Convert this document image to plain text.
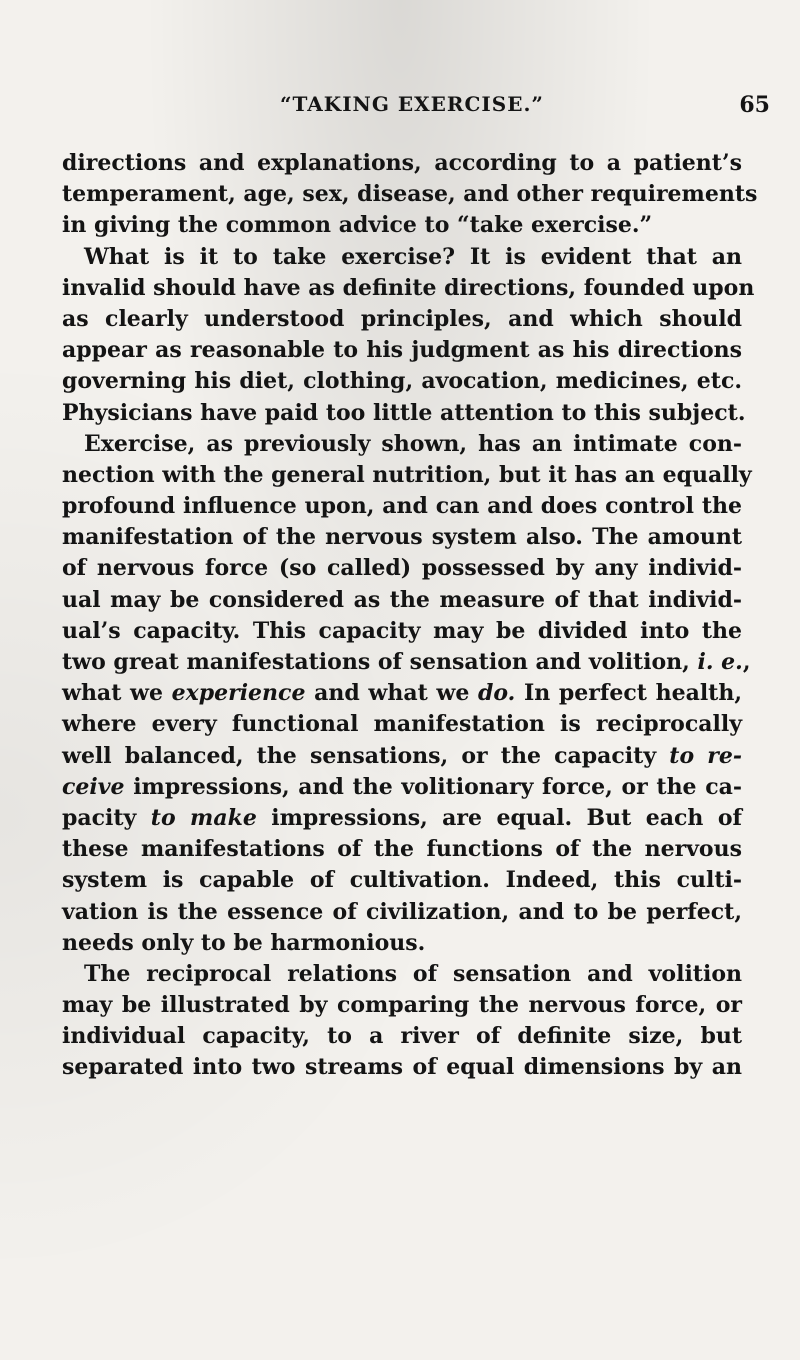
“TAKING EXERCISE.”	65
directions and explanations, according to a patient’s
temperament, age, sex, disease, and other requirements
in giving the common advice to “take exercise.”
What is it to take exercise? It is evident that an
invalid should have as definite directions, founded upon
as clearly understood principles, and which should
appear as reasonable to his judgment as his directions
governing his diet, clothing, avocation, medicines, etc.
Physicians have paid too little attention to this subject.
Exercise, as previously shown, has an intimate con-
nection with the general nutrition, but it has an equally
profound influence upon, and can and does control the
manifestation of the nervous system also. The amount
of nervous force (so called) possessed by any individ-
ual may be considered as the measure of that individ-
ual’s capacity. This capacity may be divided into the
two great manifestations of sensation and volition, i. e.,
what we experience and what we do. In perfect health,
where every functional manifestation is reciprocally
well balanced, the sensations, or the capacity to re-
ceive impressions, and the volitionary force, or the ca-
pacity to make impressions, are equal. But each of
these manifestations of the functions of the nervous
system is capable of cultivation. Indeed, this culti-
vation is the essence of civilization, and to be perfect,
needs only to be harmonious.
The reciprocal relations of sensation and volition
may be illustrated by comparing the nervous force, or
individual capacity, to a river of definite size, but
separated into two streams of equal dimensions by an
